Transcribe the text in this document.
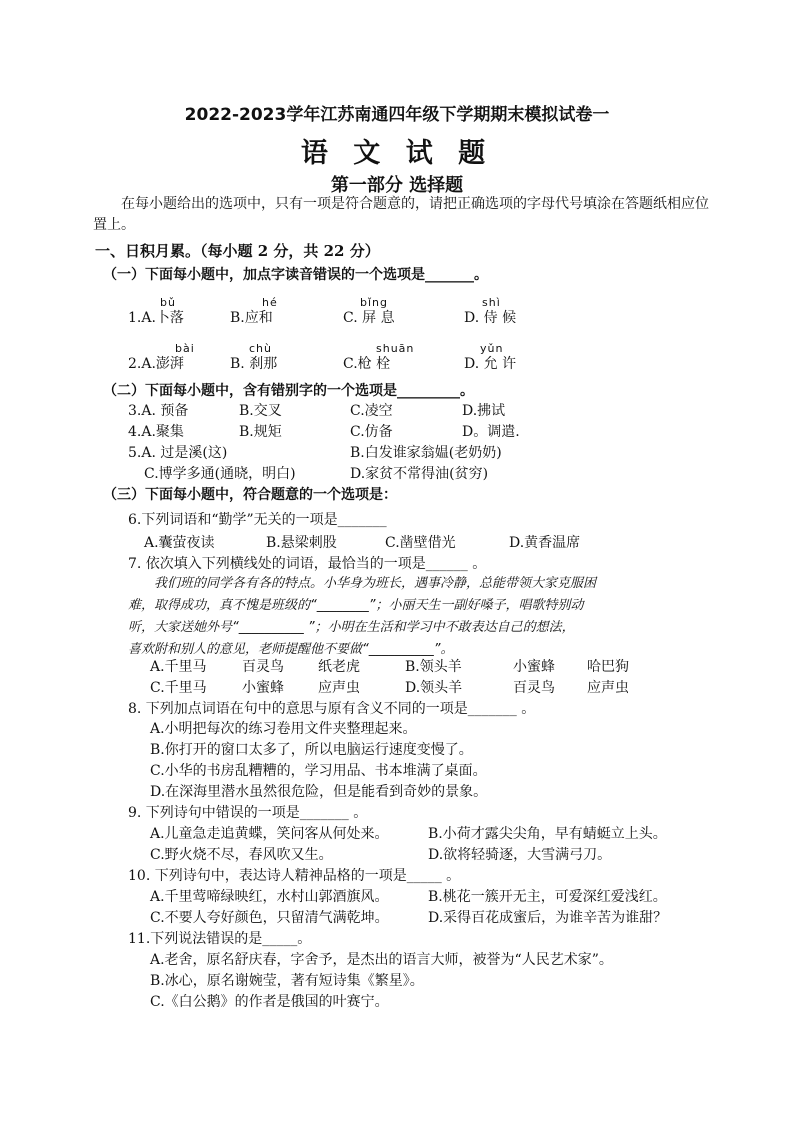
2022-2023学年江苏南通四年级下学期期末模拟试卷一
语 文 试 题
第一部分 选择题
在每小题给出的选项中，只有一项是符合题意的，请把正确选项的字母代号填涂在答题纸相应位置上。
一、日积月累。（每小题 2 分，共 22 分）
（一）下面每小题中，加点字读音错误的一个选项是_______。
bǔ	hé	bǐng	shì
1.A.卜落	B.应和	C. 屏 息	D. 侍 候
bài	chù	shuān	yǔn
2.A.澎湃	B. 刹那	C.枪 栓	D. 允 许
（二）下面每小题中，含有错别字的一个选项是_________。
3.A. 预备	B.交叉	C.凌空	D.拂试
4.A.聚集	B.规矩	C.仿备	D。调遣.
5.A. 过是溪(这)	B.白发谁家翁媪(老奶奶)
C.博学多通(通晓，明白)	D.家贫不常得油(贫穷)
（三）下面每小题中，符合题意的一个选项是：
6.下列词语和“勤学”无关的一项是_______
A.囊萤夜读	B.悬梁刺股	C.凿壁借光	D.黄香温席
7. 依次填入下列横线处的词语，最恰当的一项是______ 。
我们班的同学各有各的特点。小华身为班长，遇事冷静，总能带领大家克服困
难，取得成功，真不愧是班级的“________”；小丽天生一副好嗓子，唱歌特别动
听，大家送她外号“__________ ”；小明在生活和学习中不敢表达自己的想法，
喜欢附和别人的意见，老师提醒他不要做“__________”。
A.千里马	百灵鸟 纸老虎	B.领头羊	小蜜蜂 哈巴狗
C.千里马	小蜜蜂 应声虫	D.领头羊	百灵鸟 应声虫
8. 下列加点词语在句中的意思与原有含义不同的一项是_______ 。
A.小明把每次的练习卷用文件夹整理起来。
B.你打开的窗口太多了，所以电脑运行速度变慢了。
C.小华的书房乱糟糟的，学习用品、书本堆满了桌面。
D.在深海里潜水虽然很危险，但是能看到奇妙的景象。
9. 下列诗句中错误的一项是_______ 。
A.儿童急走追黄蝶，笑问客从何处来。	B.小荷才露尖尖角，早有蜻蜓立上头。
C.野火烧不尽，春风吹又生。	D.欲将轻骑逐，大雪满弓刀。
10. 下列诗句中，表达诗人精神品格的一项是_____ 。
A.千里莺啼绿映红，水村山郭酒旗风。	B.桃花一簇开无主，可爱深红爱浅红。
C.不要人夸好颜色，只留清气满乾坤。	D.采得百花成蜜后，为谁辛苦为谁甜？
11.下列说法错误的是_____。
A.老舍，原名舒庆春，字舍予，是杰出的语言大师，被誉为“人民艺术家”。
B.冰心，原名谢婉莹，著有短诗集《繁星》。
C.《白公鹅》的作者是俄国的叶赛宁。
